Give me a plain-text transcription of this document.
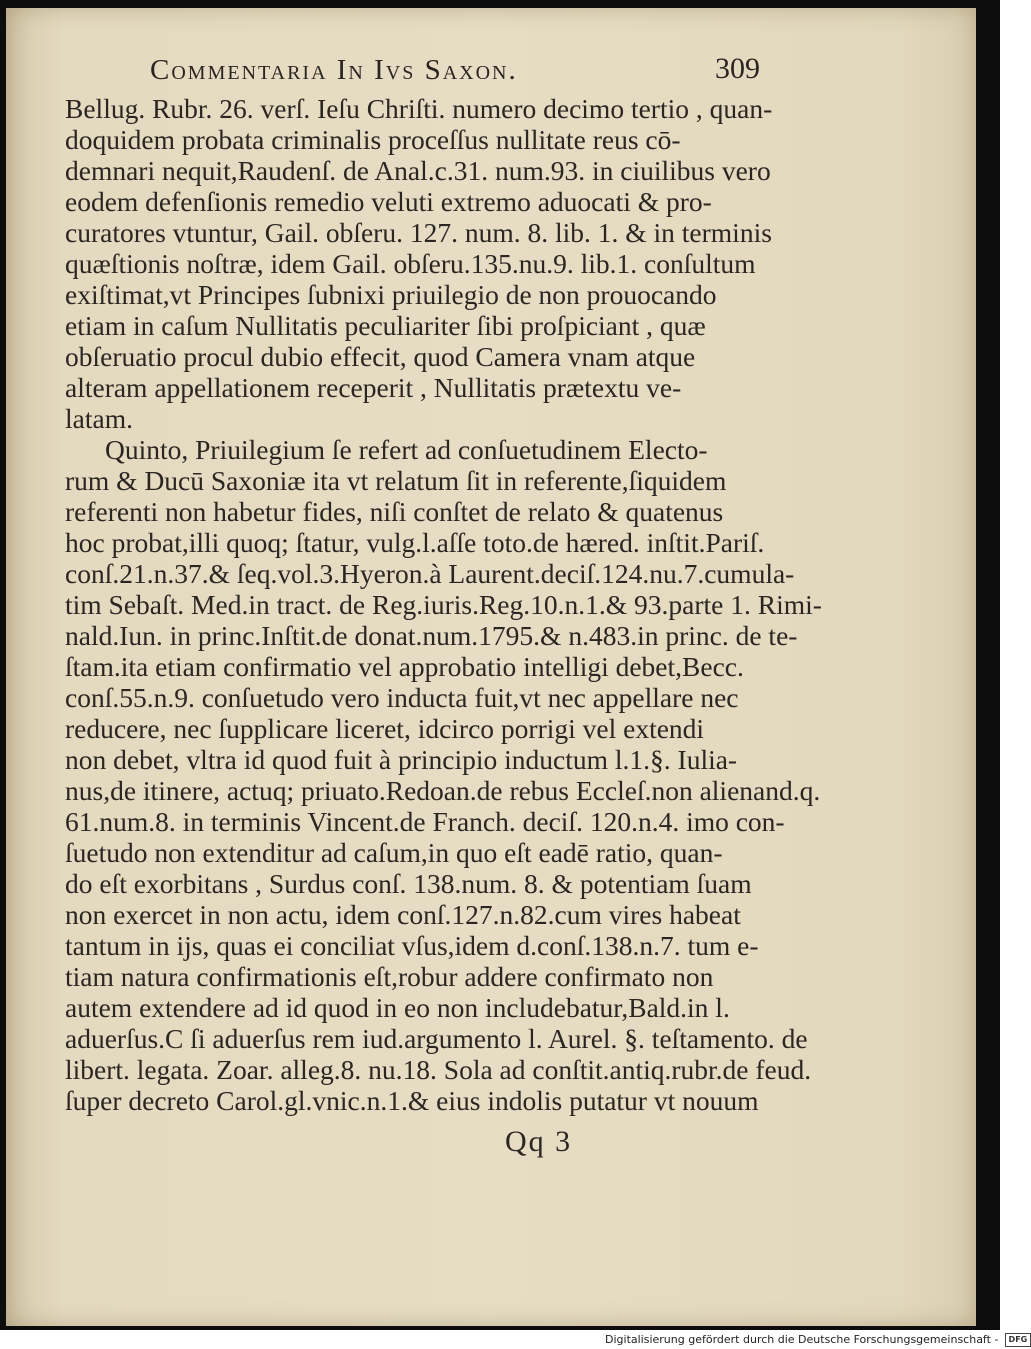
Commentaria In Ivs Saxon.	309
Bellug. Rubr. 26. verſ. Ieſu Chriſti. numero decimo tertio , quan-
doquidem probata criminalis proceſſus nullitate reus cō-
demnari nequit,Raudenſ. de Anal.c.31. num.93. in ciuilibus vero
eodem defenſionis remedio veluti extremo aduocati & pro-
curatores vtuntur, Gail. obſeru. 127. num. 8. lib. 1. & in terminis
quæſtionis noſtræ, idem Gail. obſeru.135.nu.9. lib.1. conſultum
exiſtimat,vt Principes ſubnixi priuilegio de non prouocando
etiam in caſum Nullitatis peculiariter ſibi proſpiciant , quæ
obſeruatio procul dubio effecit, quod Camera vnam atque
alteram appellationem receperit , Nullitatis prætextu ve-
latam.
Quinto, Priuilegium ſe refert ad conſuetudinem Electo-
rum & Ducū Saxoniæ ita vt relatum ſit in referente,ſiquidem
referenti non habetur fides, niſi conſtet de relato & quatenus
hoc probat,illi quoq; ſtatur, vulg.l.aſſe toto.de hæred. inſtit.Pariſ.
conſ.21.n.37.& ſeq.vol.3.Hyeron.à Laurent.deciſ.124.nu.7.cumula-
tim Sebaſt. Med.in tract. de Reg.iuris.Reg.10.n.1.& 93.parte 1. Rimi-
nald.Iun. in princ.Inſtit.de donat.num.1795.& n.483.in princ. de te-
ſtam.ita etiam confirmatio vel approbatio intelligi debet,Becc.
conſ.55.n.9. conſuetudo vero inducta fuit,vt nec appellare nec
reducere, nec ſupplicare liceret, idcirco porrigi vel extendi
non debet, vltra id quod fuit à principio inductum l.1.§. Iulia-
nus,de itinere, actuq; priuato.Redoan.de rebus Eccleſ.non alienand.q.
61.num.8. in terminis Vincent.de Franch. deciſ. 120.n.4. imo con-
ſuetudo non extenditur ad caſum,in quo eſt eadē ratio, quan-
do eſt exorbitans , Surdus conſ. 138.num. 8. & potentiam ſuam
non exercet in non actu, idem conſ.127.n.82.cum vires habeat
tantum in ijs, quas ei conciliat vſus,idem d.conſ.138.n.7. tum e-
tiam natura confirmationis eſt,robur addere confirmato non
autem extendere ad id quod in eo non includebatur,Bald.in l.
aduerſus.C ſi aduerſus rem iud.argumento l. Aurel. §. teſtamento. de
libert. legata. Zoar. alleg.8. nu.18. Sola ad conſtit.antiq.rubr.de feud.
ſuper decreto Carol.gl.vnic.n.1.& eius indolis putatur vt nouum
Qq 3
Digitalisierung gefördert durch die Deutsche Forschungsgemeinschaft - DFG
